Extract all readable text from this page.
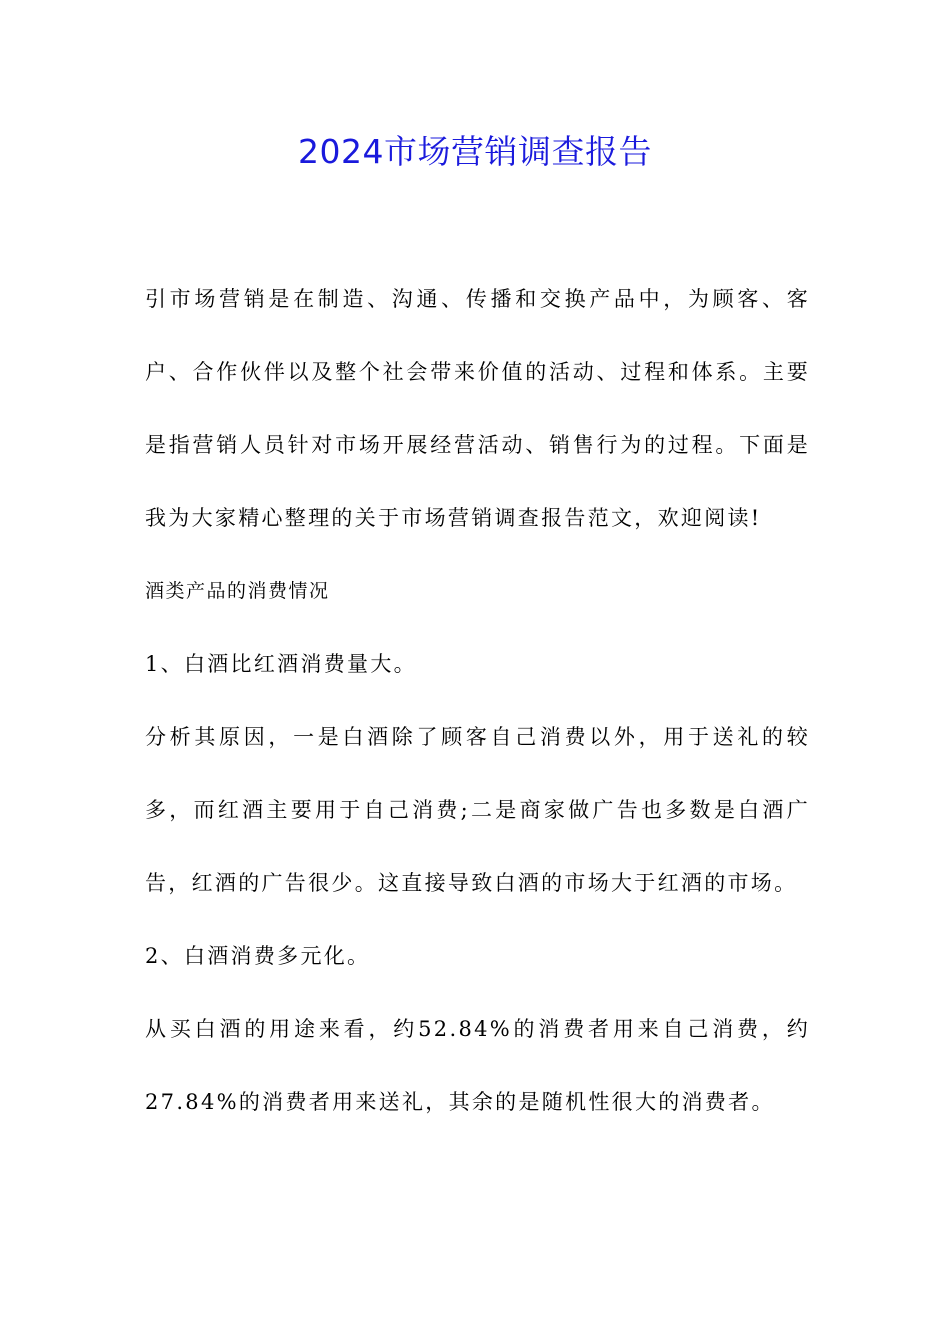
2024市场营销调查报告

引市场营销是在制造、沟通、传播和交换产品中，为顾客、客户、合作伙伴以及整个社会带来价值的活动、过程和体系。主要是指营销人员针对市场开展经营活动、销售行为的过程。下面是我为大家精心整理的关于市场营销调查报告范文，欢迎阅读!

酒类产品的消费情况

1、白酒比红酒消费量大。

分析其原因，一是白酒除了顾客自己消费以外，用于送礼的较多，而红酒主要用于自己消费;二是商家做广告也多数是白酒广告，红酒的广告很少。这直接导致白酒的市场大于红酒的市场。

2、白酒消费多元化。

从买白酒的用途来看，约52.84%的消费者用来自己消费，约27.84%的消费者用来送礼，其余的是随机性很大的消费者。
